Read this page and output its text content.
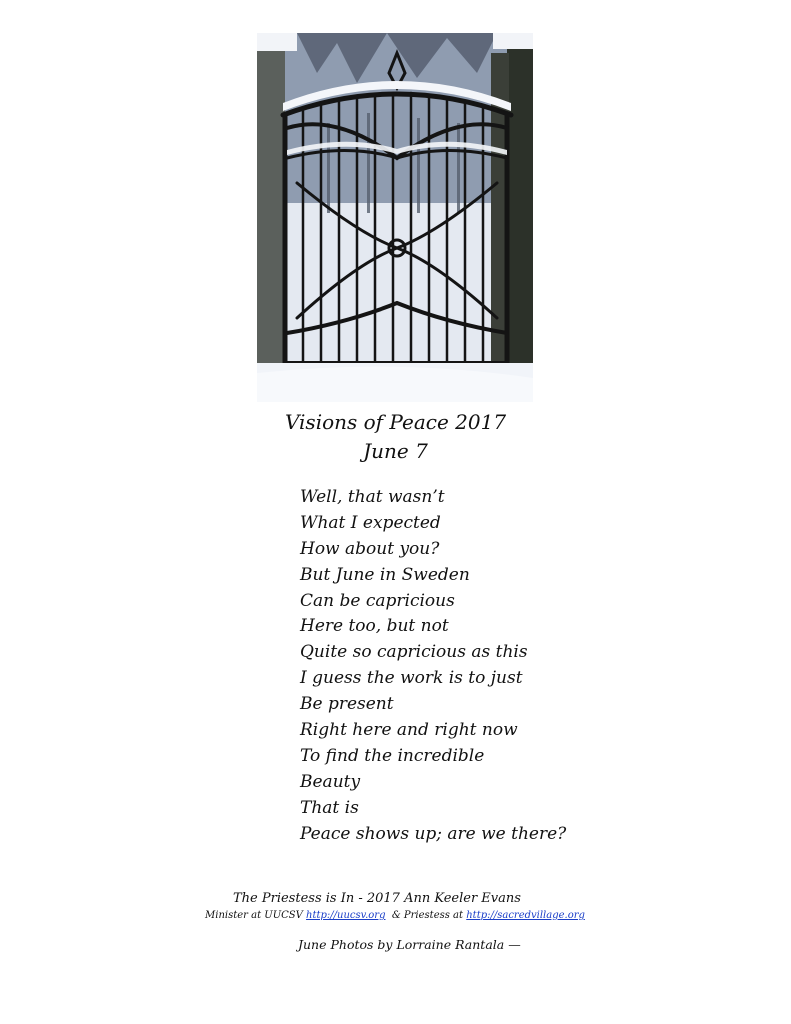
Visions of Peace 2017
June 7
Well, that wasn’t
What I expected
How about you?
But June in Sweden
Can be capricious
Here too, but not
Quite so capricious as this
I guess the work is to just
Be present
Right here and right now
To find the incredible
Beauty
That is
Peace shows up; are we there?
The Priestess is In - 2017 Ann Keeler Evans
Minister at UUCSV http://uucsv.org & Priestess at http://sacredvillage.org
June Photos by Lorraine Rantala —
